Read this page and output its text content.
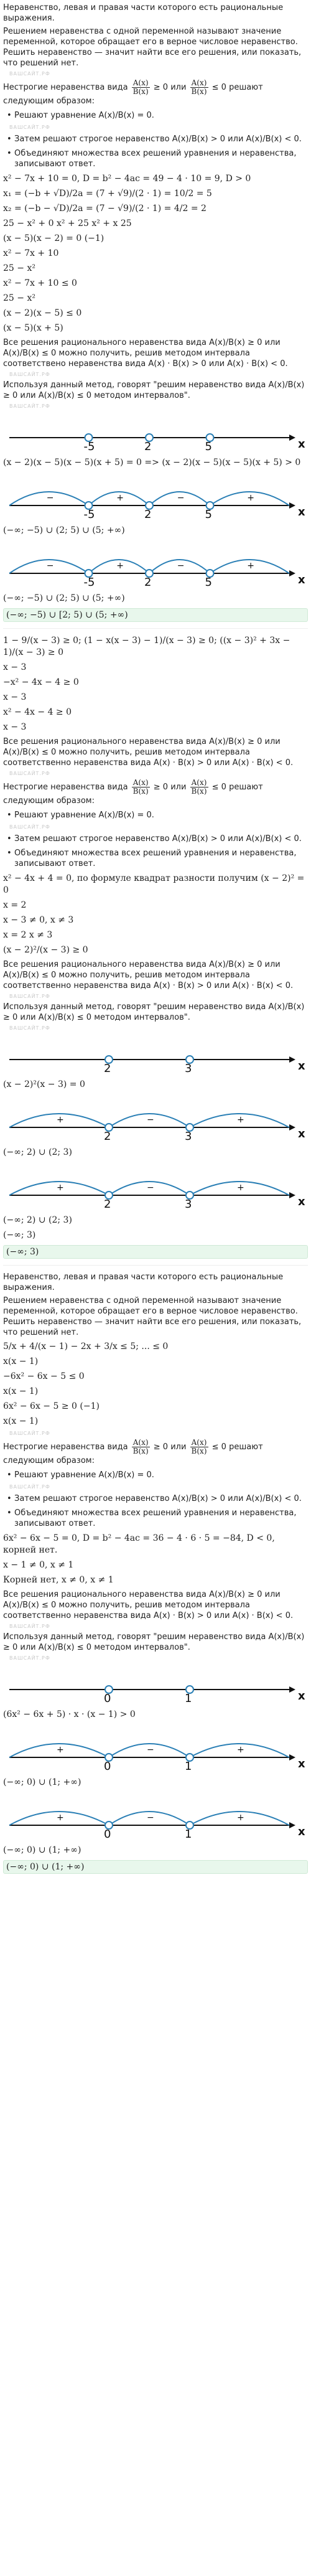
Неравенство, левая и правая части которого есть рациональные выражения.
Решением неравенства с одной переменной называют значение переменной, которое обращает его в верное числовое неравенство. Решить неравенство — значит найти все его решения, или показать, что решений нет.
ВАШСАЙТ.РФ
Нестрогие неравенства вида $\frac{A(x)}{B(x)} \ge 0$ или $\frac{A(x)}{B(x)} \le 0$ решают следующим образом:
• Решают уравнение A(x)/B(x) = 0.
ВАШСАЙТ.РФ
• Затем решают строгое неравенство A(x)/B(x) > 0 или A(x)/B(x) < 0.
• Объединяют множества всех решений уравнения и неравенства, записывают ответ.
x² − 7x + 10 = 0, D = b² − 4ac = 49 − 4 · 10 = 9, D > 0
x₁ = (−b + √D)/2a = (7 + √9)/(2 · 1) = 10/2 = 5
x₂ = (−b − √D)/2a = (7 − √9)/(2 · 1) = 4/2 = 2
25 − x² + 0 x² + 25 x² + x 25
(x − 5)(x − 2) = 0 (−1)
x² − 7x + 10
25 − x²
x² − 7x + 10 ≤ 0
25 − x²
(x − 2)(x − 5) ≤ 0
(x − 5)(x + 5)
Все решения рационального неравенства вида A(x)/B(x) ≥ 0 или A(x)/B(x) ≤ 0 можно получить, решив методом интервала соответствено неравенства вида A(x) · B(x) > 0 или A(x) · B(x) < 0.
ВАШСАЙТ.РФ
Используя данный метод, говорят "решим неравенство вида A(x)/B(x) ≥ 0 или A(x)/B(x) ≤ 0 методом интервалов".
ВАШСАЙТ.РФ
x
-5	2	5
(x − 2)(x − 5)(x − 5)(x + 5) = 0 => (x − 2)(x − 5)(x − 5)(x + 5) > 0
x
−	+	−	+
-5	2	5
(−∞; −5) ∪ (2; 5) ∪ (5; +∞)
x
−	+	−	+
-5	2	5
(−∞; −5) ∪ (2; 5) ∪ (5; +∞)
(−∞; −5) ∪ [2; 5) ∪ (5; +∞)
1 − 9/(x − 3) ≥ 0; (1 − x(x − 3) − 1)/(x − 3) ≥ 0; ((x − 3)² + 3x − 1)/(x − 3) ≥ 0
x − 3
−x² − 4x − 4 ≥ 0
x − 3
x² − 4x − 4 ≥ 0
x − 3
Все решения рационального неравенства вида A(x)/B(x) ≥ 0 или A(x)/B(x) ≤ 0 можно получить, решив методом интервала соответственно неравенства вида A(x) · B(x) > 0 или A(x) · B(x) < 0.
ВАШСАЙТ.РФ
Нестрогие неравенства вида $\frac{A(x)}{B(x)} \ge 0$ или $\frac{A(x)}{B(x)} \le 0$ решают следующим образом:
• Решают уравнение A(x)/B(x) = 0.
ВАШСАЙТ.РФ
• Затем решают строгое неравенство A(x)/B(x) > 0 или A(x)/B(x) < 0.
• Объединяют множества всех решений уравнения и неравенства, записывают ответ.
x² − 4x + 4 = 0, по формуле квадрат разности получим (x − 2)² = 0
x = 2
x − 3 ≠ 0, x ≠ 3
x = 2 x ≠ 3
(x − 2)²/(x − 3) ≥ 0
Все решения рационального неравенства вида A(x)/B(x) ≥ 0 или A(x)/B(x) ≤ 0 можно получить, решив методом интервала соответственно неравенства вида A(x) · B(x) > 0 или A(x) · B(x) < 0.
ВАШСАЙТ.РФ
Используя данный метод, говорят "решим неравенство вида A(x)/B(x) ≥ 0 или A(x)/B(x) ≤ 0 методом интервалов".
ВАШСАЙТ.РФ
x
2	3
(x − 2)²(x − 3) = 0
x
+	−	+
2	3
(−∞; 2) ∪ (2; 3)
x
+	−	+
2	3
(−∞; 2) ∪ (2; 3)
(−∞; 3)
(−∞; 3)
Неравенство, левая и правая части которого есть рациональные выражения.
Решением неравенства с одной переменной называют значение переменной, которое обращает его в верное числовое неравенство. Решить неравенство — значит найти все его решения, или показать, что решений нет.
5/x + 4/(x − 1) − 2x + 3/x ≤ 5; ... ≤ 0
x(x − 1)
−6x² − 6x − 5 ≤ 0
x(x − 1)
6x² − 6x − 5 ≥ 0 (−1)
x(x − 1)
ВАШСАЙТ.РФ
Нестрогие неравенства вида $\frac{A(x)}{B(x)} \ge 0$ или $\frac{A(x)}{B(x)} \le 0$ решают следующим образом:
• Решают уравнение A(x)/B(x) = 0.
ВАШСАЙТ.РФ
• Затем решают строгое неравенство A(x)/B(x) > 0 или A(x)/B(x) < 0.
• Объединяют множества всех решений уравнения и неравенства, записывают ответ.
6x² − 6x − 5 = 0, D = b² − 4ac = 36 − 4 · 6 · 5 = −84, D < 0, корней нет.
x − 1 ≠ 0, x ≠ 1
Корней нет, x ≠ 0, x ≠ 1
Все решения рационального неравенства вида A(x)/B(x) ≥ 0 или A(x)/B(x) ≤ 0 можно получить, решив методом интервала соответственно неравенства вида A(x) · B(x) > 0 или A(x) · B(x) < 0.
ВАШСАЙТ.РФ
Используя данный метод, говорят "решим неравенство вида A(x)/B(x) ≥ 0 или A(x)/B(x) ≤ 0 методом интервалов".
ВАШСАЙТ.РФ
x
0	1
(6x² − 6x + 5) · x · (x − 1) > 0
x
+	−	+
0	1
(−∞; 0) ∪ (1; +∞)
x
+	−	+
0	1
(−∞; 0) ∪ (1; +∞)
(−∞; 0) ∪ (1; +∞)
